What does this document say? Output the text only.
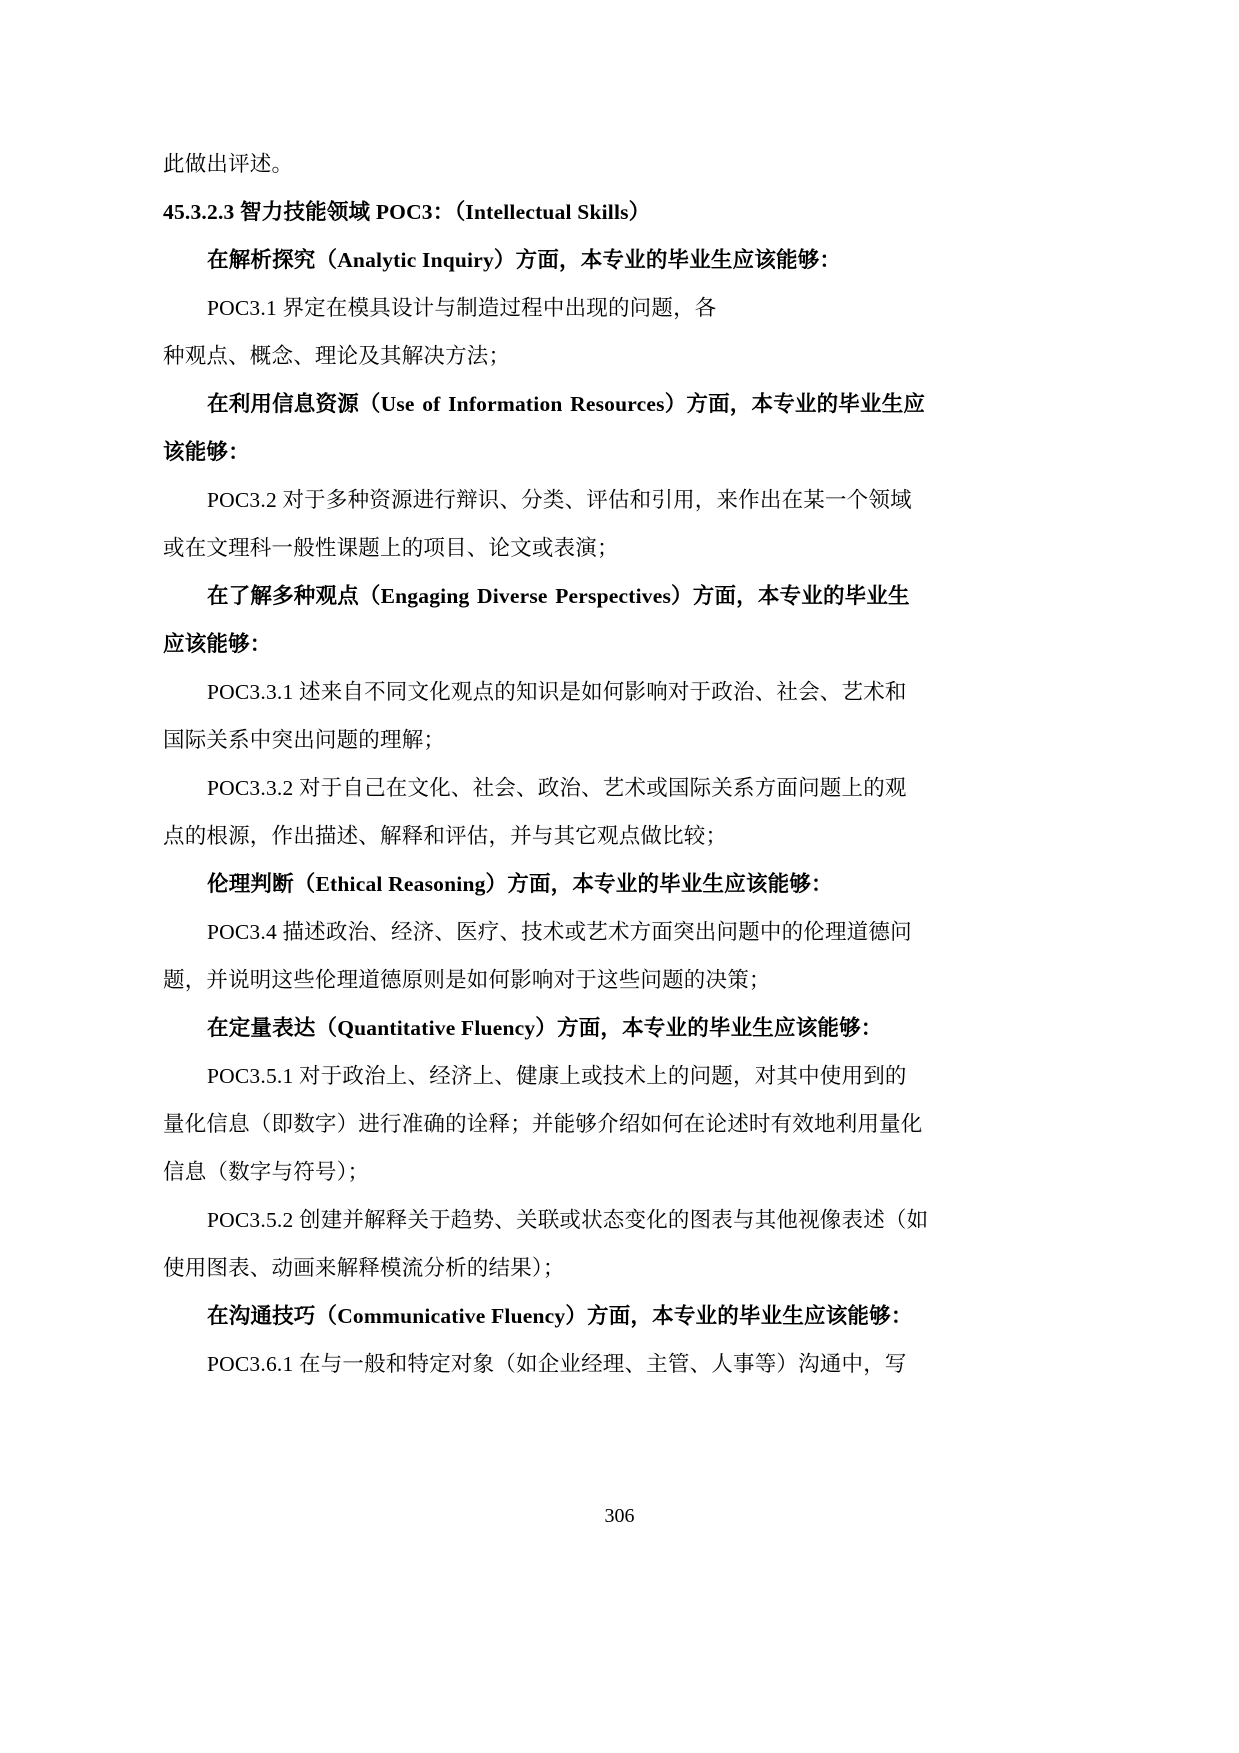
此做出评述。

45.3.2.3 智力技能领域 POC3：（Intellectual Skills）

在解析探究（Analytic Inquiry）方面，本专业的毕业生应该能够：

POC3.1 界定在模具设计与制造过程中出现的问题，各

种观点、概念、理论及其解决方法；

在利用信息资源（Use of Information Resources）方面，本专业的毕业生应

该能够：

POC3.2 对于多种资源进行辩识、分类、评估和引用，来作出在某一个领域

或在文理科一般性课题上的项目、论文或表演；

在了解多种观点（Engaging Diverse Perspectives）方面，本专业的毕业生

应该能够：

POC3.3.1 述来自不同文化观点的知识是如何影响对于政治、社会、艺术和

国际关系中突出问题的理解；

POC3.3.2 对于自己在文化、社会、政治、艺术或国际关系方面问题上的观

点的根源，作出描述、解释和评估，并与其它观点做比较；

伦理判断（Ethical Reasoning）方面，本专业的毕业生应该能够：

POC3.4 描述政治、经济、医疗、技术或艺术方面突出问题中的伦理道德问

题，并说明这些伦理道德原则是如何影响对于这些问题的决策；

在定量表达（Quantitative Fluency）方面，本专业的毕业生应该能够：

POC3.5.1 对于政治上、经济上、健康上或技术上的问题，对其中使用到的

量化信息（即数字）进行准确的诠释；并能够介绍如何在论述时有效地利用量化

信息（数字与符号）；

POC3.5.2 创建并解释关于趋势、关联或状态变化的图表与其他视像表述（如

使用图表、动画来解释模流分析的结果）；

在沟通技巧（Communicative Fluency）方面，本专业的毕业生应该能够：

POC3.6.1 在与一般和特定对象（如企业经理、主管、人事等）沟通中，写

306
